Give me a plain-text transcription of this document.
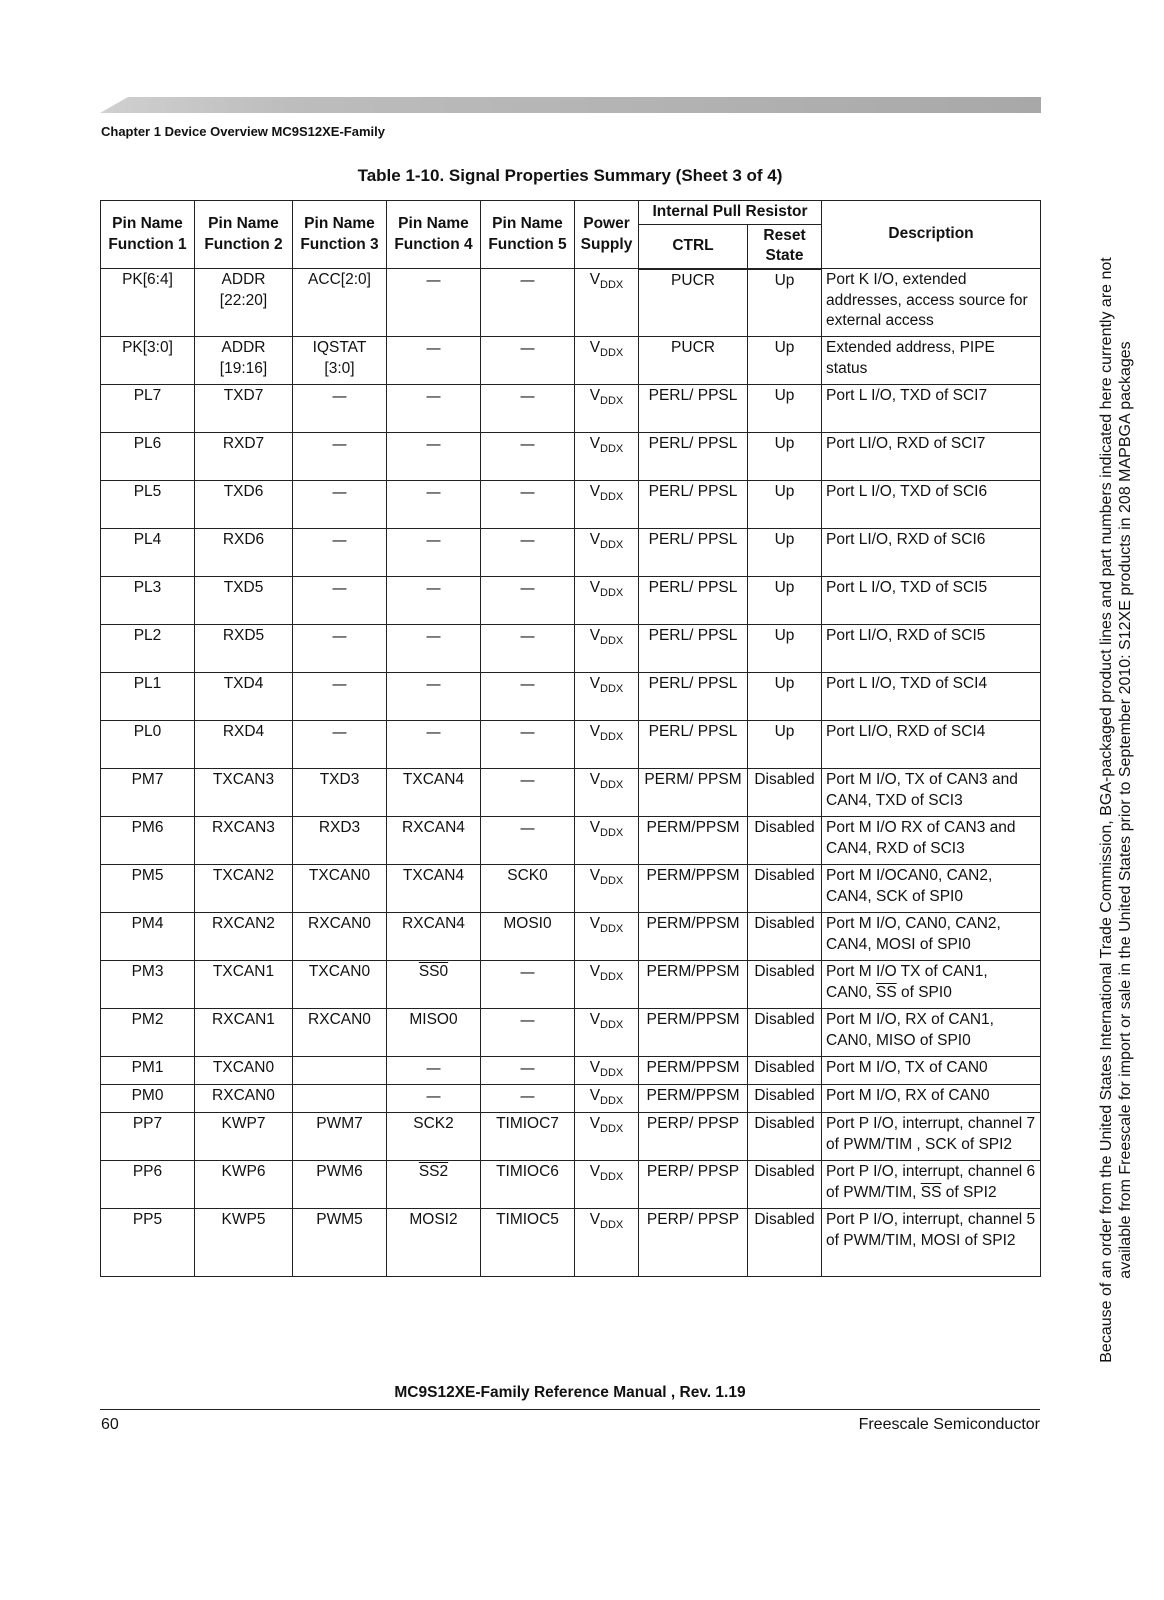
Chapter 1 Device Overview MC9S12XE-Family
Table 1-10. Signal Properties Summary (Sheet 3 of 4)
Pin Name Function 1	Pin Name Function 2	Pin Name Function 3	Pin Name Function 4	Pin Name Function 5	Power Supply	Internal Pull Resistor		Description
						CTRL	Reset State	
PK[6:4]	ADDR [22:20]	ACC[2:0]	—	—	$V_{DDX}$	PUCR	Up	Port K I/O, extended addresses, access source for external access
PK[3:0]	ADDR [19:16]	IQSTAT [3:0]	—	—	$V_{DDX}$	PUCR	Up	Extended address, PIPE status
PL7	TXD7	—	—	—	$V_{DDX}$	PERL/ PPSL	Up	Port L I/O, TXD of SCI7
PL6	RXD7	—	—	—	$V_{DDX}$	PERL/ PPSL	Up	Port LI/O, RXD of SCI7
PL5	TXD6	—	—	—	$V_{DDX}$	PERL/ PPSL	Up	Port L I/O, TXD of SCI6
PL4	RXD6	—	—	—	$V_{DDX}$	PERL/ PPSL	Up	Port LI/O, RXD of SCI6
PL3	TXD5	—	—	—	$V_{DDX}$	PERL/ PPSL	Up	Port L I/O, TXD of SCI5
PL2	RXD5	—	—	—	$V_{DDX}$	PERL/ PPSL	Up	Port LI/O, RXD of SCI5
PL1	TXD4	—	—	—	$V_{DDX}$	PERL/ PPSL	Up	Port L I/O, TXD of SCI4
PL0	RXD4	—	—	—	$V_{DDX}$	PERL/ PPSL	Up	Port LI/O, RXD of SCI4
PM7	TXCAN3	TXD3	TXCAN4	—	$V_{DDX}$	PERM/ PPSM	Disabled	Port M I/O, TX of CAN3 and CAN4, TXD of SCI3
PM6	RXCAN3	RXD3	RXCAN4	—	$V_{DDX}$	PERM/PPSM	Disabled	Port M I/O RX of CAN3 and CAN4, RXD of SCI3
PM5	TXCAN2	TXCAN0	TXCAN4	SCK0	$V_{DDX}$	PERM/PPSM	Disabled	Port M I/OCAN0, CAN2, CAN4, SCK of SPI0
PM4	RXCAN2	RXCAN0	RXCAN4	MOSI0	$V_{DDX}$	PERM/PPSM	Disabled	Port M I/O, CAN0, CAN2, CAN4, MOSI of SPI0
PM3	TXCAN1	TXCAN0	SS0	—	$V_{DDX}$	PERM/PPSM	Disabled	Port M I/O TX of CAN1, CAN0, $\overline{SS}$ of SPI0
PM2	RXCAN1	RXCAN0	MISO0	—	$V_{DDX}$	PERM/PPSM	Disabled	Port M I/O, RX of CAN1, CAN0, MISO of SPI0
PM1	TXCAN0		—	—	$V_{DDX}$	PERM/PPSM	Disabled	Port M I/O, TX of CAN0
PM0	RXCAN0		—	—	$V_{DDX}$	PERM/PPSM	Disabled	Port M I/O, RX of CAN0
PP7	KWP7	PWM7	SCK2	TIMIOC7	$V_{DDX}$	PERP/ PPSP	Disabled	Port P I/O, interrupt, channel 7 of PWM/TIM , SCK of SPI2
PP6	KWP6	PWM6	SS2	TIMIOC6	$V_{DDX}$	PERP/ PPSP	Disabled	Port P I/O, interrupt, channel 6 of PWM/TIM, $\overline{SS}$ of SPI2
PP5	KWP5	PWM5	MOSI2	TIMIOC5	$V_{DDX}$	PERP/ PPSP	Disabled	Port P I/O, interrupt, channel 5 of PWM/TIM, MOSI of SPI2
MC9S12XE-Family Reference Manual , Rev. 1.19
60	Freescale Semiconductor
Because of an order from the United States International Trade Commission, BGA-packaged product lines and part numbers indicated here currently are not available from Freescale for import or sale in the United States prior to September 2010: S12XE products in 208 MAPBGA packages
